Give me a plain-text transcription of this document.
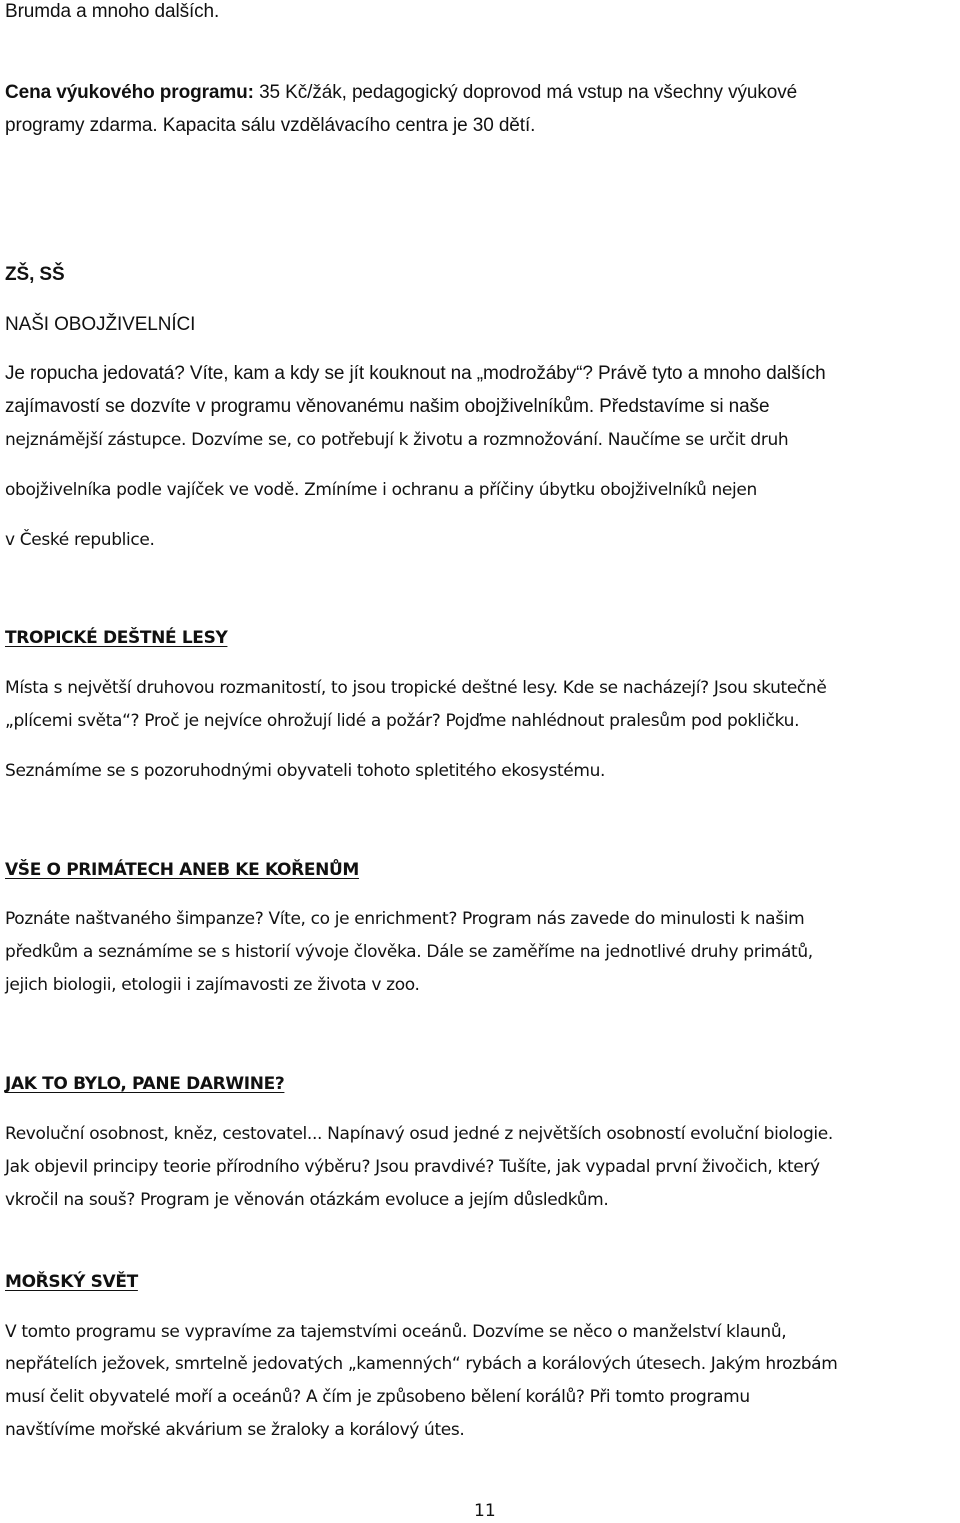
Brumda a mnoho dalších.

Cena výukového programu: 35 Kč/žák, pedagogický doprovod má vstup na všechny výukové

programy zdarma. Kapacita sálu vzdělávacího centra je 30 dětí.

ZŠ, SŠ

NAŠI OBOJŽIVELNÍCI

Je ropucha jedovatá? Víte, kam a kdy se jít kouknout na „modrožáby“? Právě tyto a mnoho dalších

zajímavostí se dozvíte v programu věnovanému našim obojživelníkům. Představíme si naše

nejznámější zástupce. Dozvíme se, co potřebují k životu a rozmnožování. Naučíme se určit druh

obojživelníka podle vajíček ve vodě. Zmíníme i ochranu a příčiny úbytku obojživelníků nejen

v České republice.

TROPICKÉ DEŠTNÉ LESY

Místa s největší druhovou rozmanitostí, to jsou tropické deštné lesy. Kde se nacházejí? Jsou skutečně

„plícemi světa“? Proč je nejvíce ohrožují lidé a požár? Pojďme nahlédnout pralesům pod pokličku.

Seznámíme se s pozoruhodnými obyvateli tohoto spletitého ekosystému.

VŠE O PRIMÁTECH ANEB KE KOŘENŮM

Poznáte naštvaného šimpanze? Víte, co je enrichment? Program nás zavede do minulosti k našim

předkům a seznámíme se s historií vývoje člověka. Dále se zaměříme na jednotlivé druhy primátů,

jejich biologii, etologii i zajímavosti ze života v zoo.

JAK TO BYLO, PANE DARWINE?

Revoluční osobnost, kněz, cestovatel... Napínavý osud jedné z největších osobností evoluční biologie.

Jak objevil principy teorie přírodního výběru? Jsou pravdivé? Tušíte, jak vypadal první živočich, který

vkročil na souš? Program je věnován otázkám evoluce a jejím důsledkům.

MOŘSKÝ SVĚT

V tomto programu se vypravíme za tajemstvími oceánů. Dozvíme se něco o manželství klaunů,

nepřátelích ježovek, smrtelně jedovatých „kamenných“ rybách a korálových útesech. Jakým hrozbám

musí čelit obyvatelé moří a oceánů? A čím je způsobeno bělení korálů? Při tomto programu

navštívíme mořské akvárium se žraloky a korálový útes.

11
